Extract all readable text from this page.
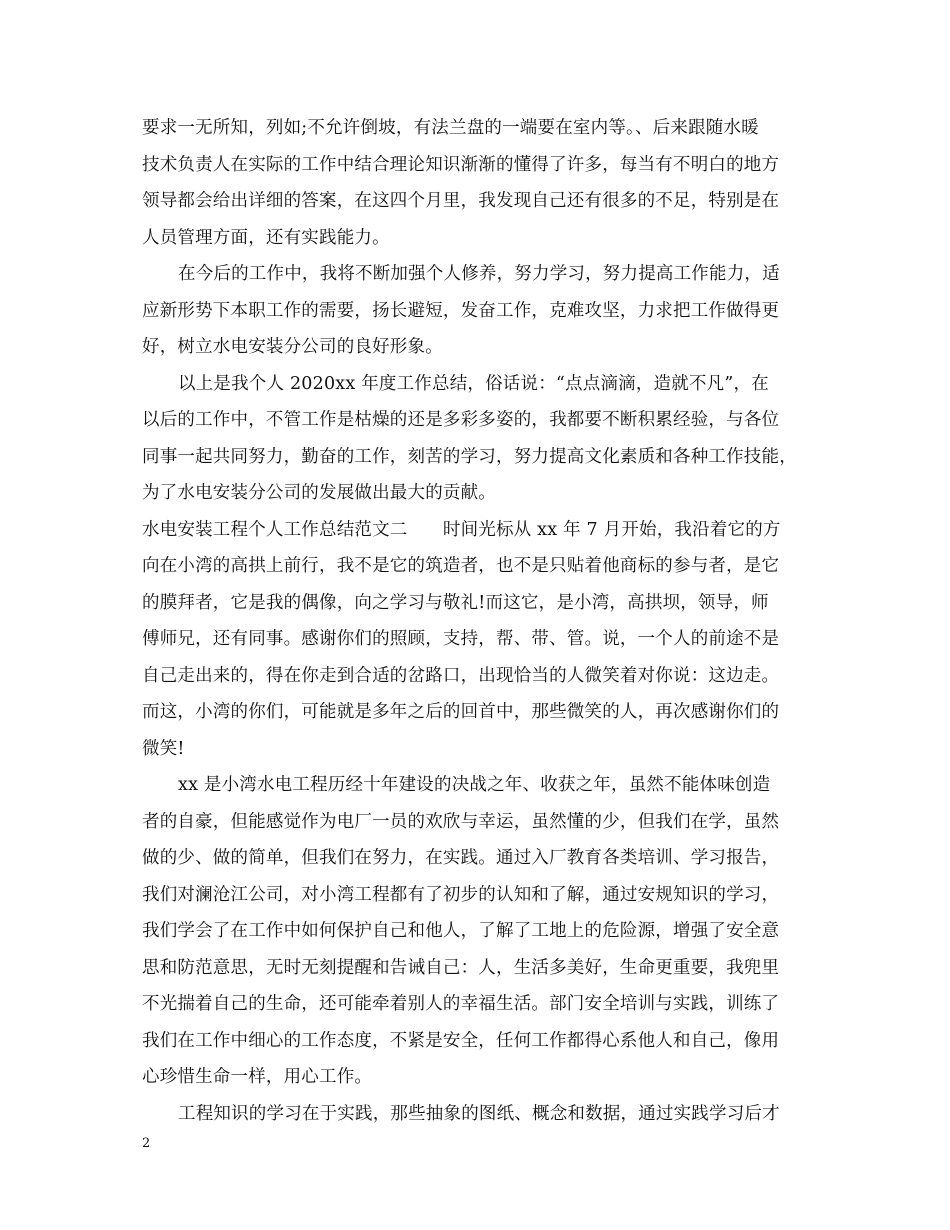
要求一无所知，列如;不允许倒坡，有法兰盘的一端要在室内等。、后来跟随水暖
技术负责人在实际的工作中结合理论知识渐渐的懂得了许多，每当有不明白的地方
领导都会给出详细的答案，在这四个月里，我发现自己还有很多的不足，特别是在
人员管理方面，还有实践能力。
在今后的工作中，我将不断加强个人修养，努力学习，努力提高工作能力，适
应新形势下本职工作的需要，扬长避短，发奋工作，克难攻坚，力求把工作做得更
好，树立水电安装分公司的良好形象。
以上是我个人 2020xx 年度工作总结，俗话说：“点点滴滴，造就不凡”，在
以后的工作中，不管工作是枯燥的还是多彩多姿的，我都要不断积累经验，与各位
同事一起共同努力，勤奋的工作，刻苦的学习，努力提高文化素质和各种工作技能，
为了水电安装分公司的发展做出最大的贡献。
水电安装工程个人工作总结范文二　　时间光标从 xx 年 7 月开始，我沿着它的方
向在小湾的高拱上前行，我不是它的筑造者，也不是只贴着他商标的参与者，是它
的膜拜者，它是我的偶像，向之学习与敬礼!而这它，是小湾，高拱坝，领导，师
傅师兄，还有同事。感谢你们的照顾，支持，帮、带、管。说，一个人的前途不是
自己走出来的，得在你走到合适的岔路口，出现恰当的人微笑着对你说：这边走。
而这，小湾的你们，可能就是多年之后的回首中，那些微笑的人，再次感谢你们的
微笑!
xx 是小湾水电工程历经十年建设的决战之年、收获之年，虽然不能体味创造
者的自豪，但能感觉作为电厂一员的欢欣与幸运，虽然懂的少，但我们在学，虽然
做的少、做的简单，但我们在努力，在实践。通过入厂教育各类培训、学习报告，
我们对澜沧江公司，对小湾工程都有了初步的认知和了解，通过安规知识的学习，
我们学会了在工作中如何保护自己和他人，了解了工地上的危险源，增强了安全意
思和防范意思，无时无刻提醒和告诫自己：人，生活多美好，生命更重要，我兜里
不光揣着自己的生命，还可能牵着别人的幸福生活。部门安全培训与实践，训练了
我们在工作中细心的工作态度，不紧是安全，任何工作都得心系他人和自己，像用
心珍惜生命一样，用心工作。
工程知识的学习在于实践，那些抽象的图纸、概念和数据，通过实践学习后才
2
